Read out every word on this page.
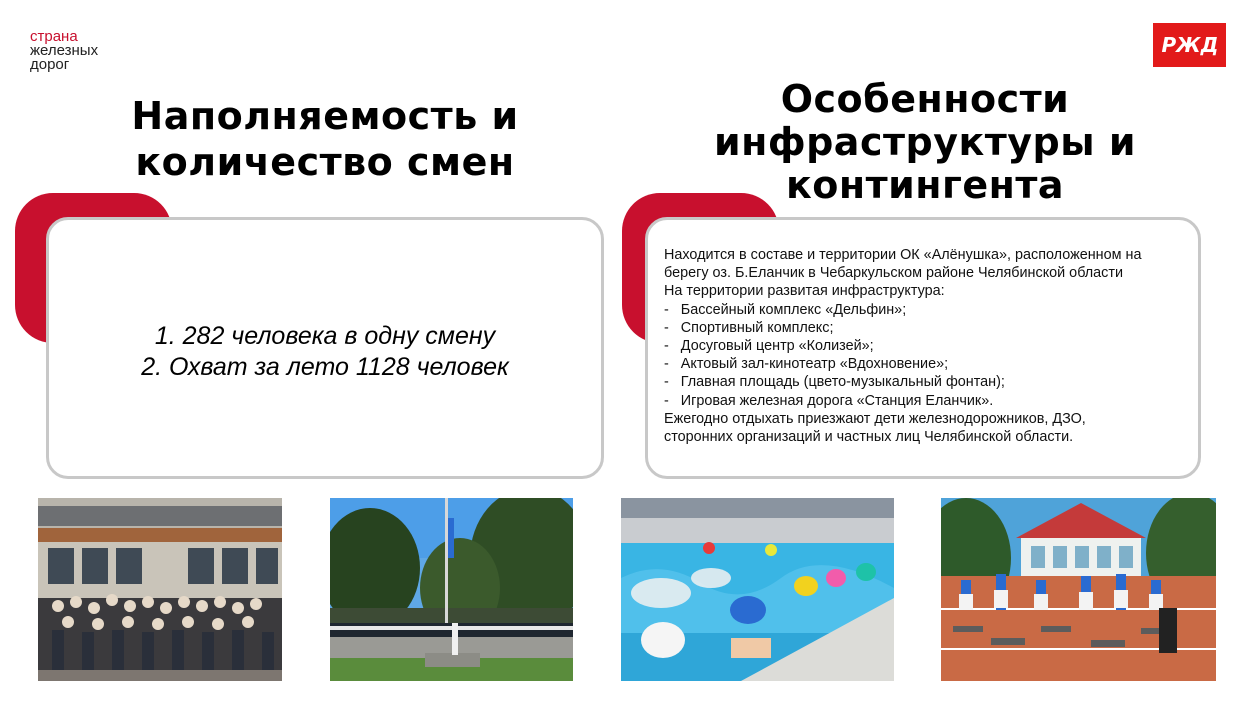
страна
железных
дорог
РЖД
Наполняемость и
количество смен
Особенности
инфраструктуры и
контингента
1. 282 человека в одну смену
2. Охват за лето 1128 человек
Находится в составе и территории ОК «Алёнушка», расположенном на
берегу оз. Б.Еланчик в Чебаркульском районе Челябинской области
На территории развитая инфраструктура:
-   Бассейный комплекс «Дельфин»;
-   Спортивный комплекс;
-   Досуговый центр «Колизей»;
-   Актовый зал-кинотеатр «Вдохновение»;
-   Главная площадь (цвето-музыкальный фонтан);
-   Игровая железная дорога «Станция Еланчик».
Ежегодно отдыхать приезжают дети железнодорожников, ДЗО,
сторонних организаций и частных лиц Челябинской области.
